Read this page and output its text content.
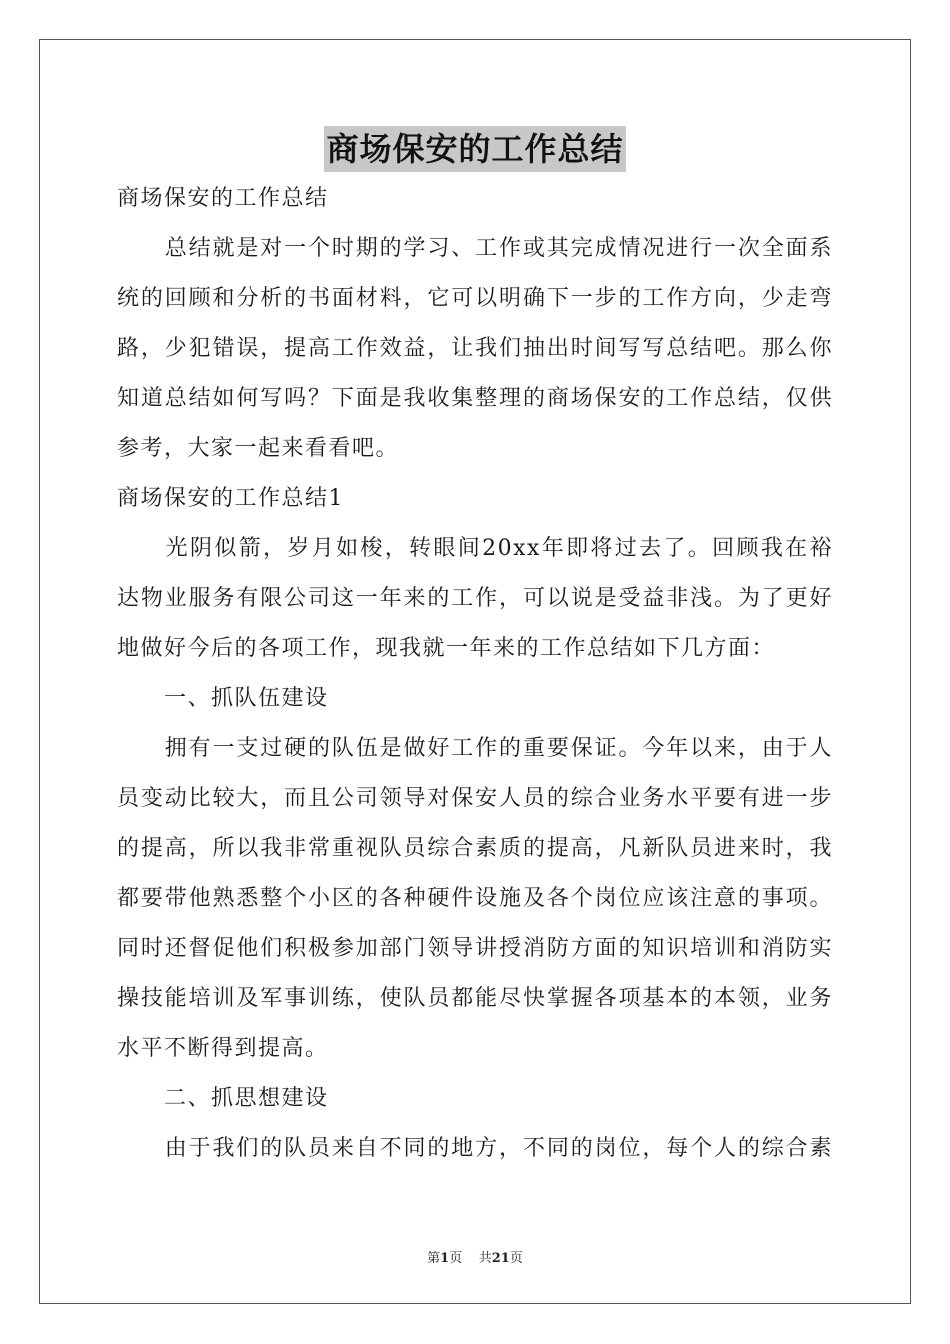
商场保安的工作总结
商场保安的工作总结
　　总结就是对一个时期的学习、工作或其完成情况进行一次全面系
统的回顾和分析的书面材料，它可以明确下一步的工作方向，少走弯
路，少犯错误，提高工作效益，让我们抽出时间写写总结吧。那么你
知道总结如何写吗？下面是我收集整理的商场保安的工作总结，仅供
参考，大家一起来看看吧。
商场保安的工作总结1
　　光阴似箭，岁月如梭，转眼间20xx年即将过去了。回顾我在裕
达物业服务有限公司这一年来的工作，可以说是受益非浅。为了更好
地做好今后的各项工作，现我就一年来的工作总结如下几方面：
　　一、抓队伍建设
　　拥有一支过硬的队伍是做好工作的重要保证。今年以来，由于人
员变动比较大，而且公司领导对保安人员的综合业务水平要有进一步
的提高，所以我非常重视队员综合素质的提高，凡新队员进来时，我
都要带他熟悉整个小区的各种硬件设施及各个岗位应该注意的事项。
同时还督促他们积极参加部门领导讲授消防方面的知识培训和消防实
操技能培训及军事训练，使队员都能尽快掌握各项基本的本领，业务
水平不断得到提高。
　　二、抓思想建设
　　由于我们的队员来自不同的地方，不同的岗位，每个人的综合素
第1页 共21页
